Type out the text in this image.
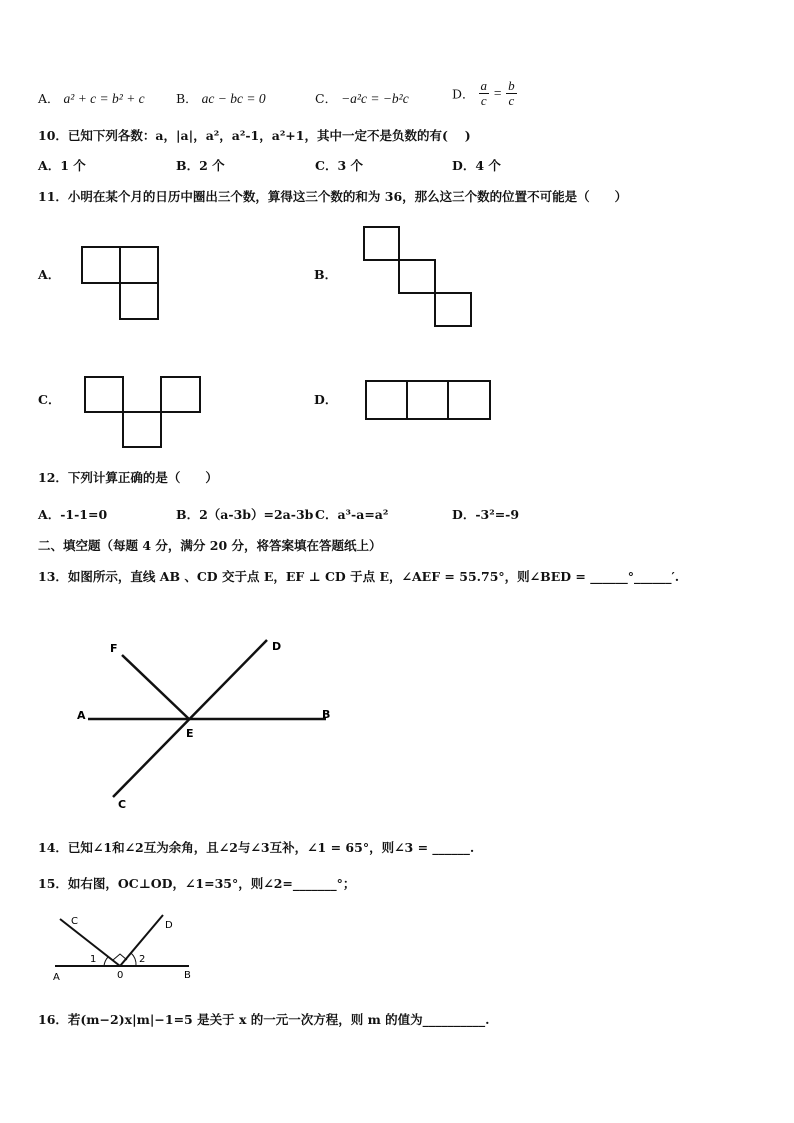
A． a² + c = b² + c	B． ac − bc = 0	C． −a²c = −b²c	D． $\frac{a}{c} = \frac{b}{c}$
10．已知下列各数：a，|a|，a²，a²-1，a²+1，其中一定不是负数的有(　 )
A．1 个	B．2 个	C．3 个	D．4 个
11．小明在某个月的日历中圈出三个数，算得这三个数的和为 36，那么这三个数的位置不可能是（　　）
A．	B．
C．	D．
12．下列计算正确的是（　　）
A．-1-1=0	B．2（a-3b）=2a-3b C．a³-a=a²	D．-3²=-9
二、填空题（每题 4 分，满分 20 分，将答案填在答题纸上）
13．如图所示，直线 AB 、CD 交于点 E，EF ⊥ CD 于点 E，∠AEF = 55.75°，则∠BED = ______°______′.
A	B
C
D
E
F
14．已知∠1和∠2互为余角，且∠2与∠3互补，∠1 = 65°，则∠3 = ______.
15．如右图，OC⊥OD，∠1=35°，则∠2=_______°；
C	D
A	B
0
1	2
16．若(m−2)x|m|−1=5 是关于 x 的一元一次方程，则 m 的值为__________.
